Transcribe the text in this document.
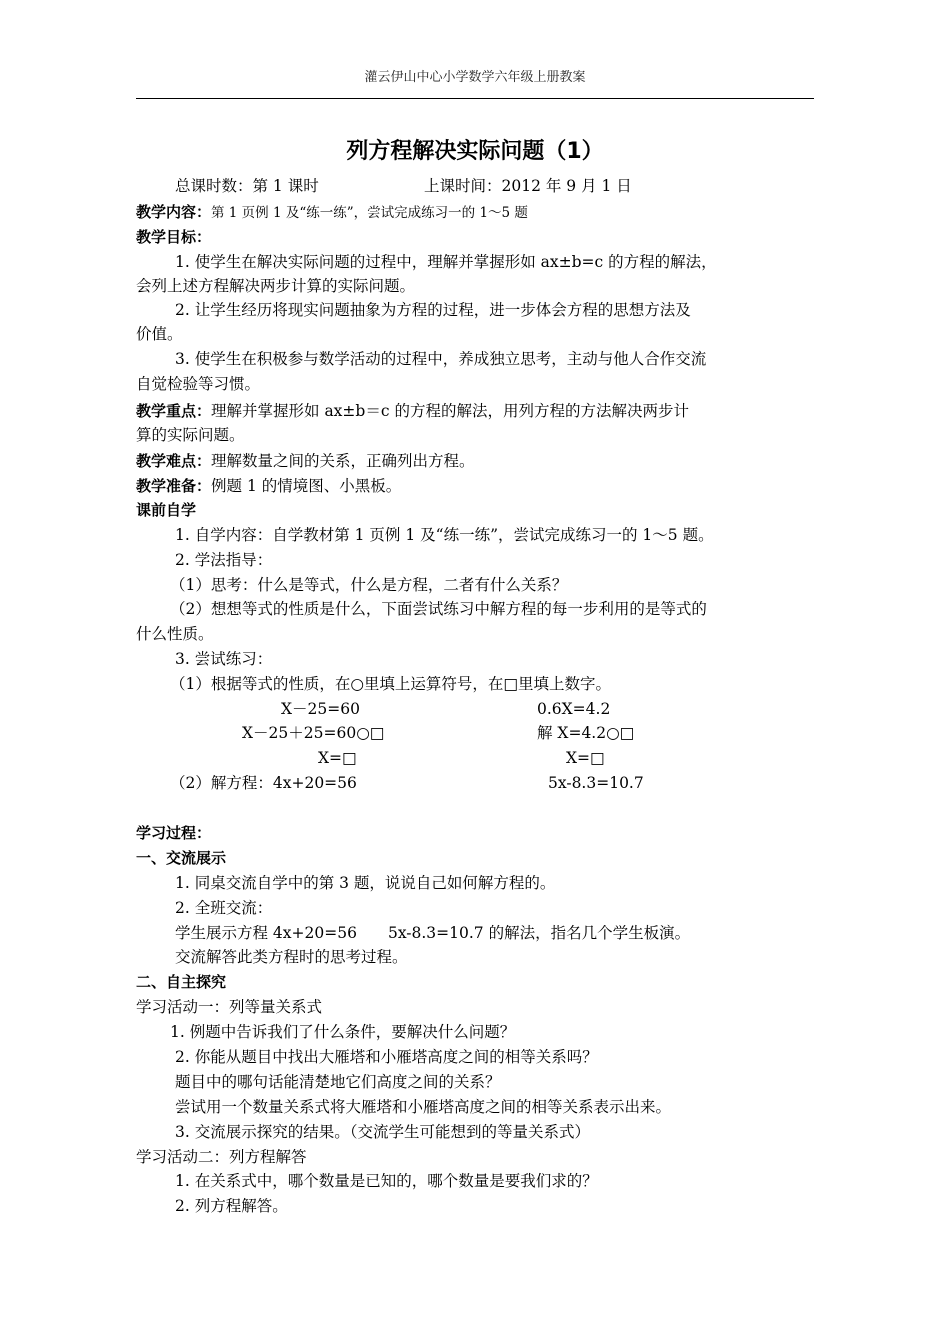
灌云伊山中心小学数学六年级上册教案
列方程解决实际问题（1）
总课时数：第 1 课时	上课时间：2012 年 9 月 1 日
教学内容：第 1 页例 1 及“练一练”，尝试完成练习一的 1～5 题
教学目标：
1. 使学生在解决实际问题的过程中，理解并掌握形如 ax±b=c 的方程的解法，
会列上述方程解决两步计算的实际问题。
2. 让学生经历将现实问题抽象为方程的过程，进一步体会方程的思想方法及
价值。
3. 使学生在积极参与数学活动的过程中，养成独立思考，主动与他人合作交流
自觉检验等习惯。
教学重点：理解并掌握形如 ax±b＝c 的方程的解法，用列方程的方法解决两步计
算的实际问题。
教学难点：理解数量之间的关系，正确列出方程。
教学准备：例题 1 的情境图、小黑板。
课前自学
1. 自学内容：自学教材第 1 页例 1 及“练一练”，尝试完成练习一的 1～5 题。
2. 学法指导：
（1）思考：什么是等式，什么是方程，二者有什么关系？
（2）想想等式的性质是什么，下面尝试练习中解方程的每一步利用的是等式的
什么性质。
3. 尝试练习：
（1）根据等式的性质，在○里填上运算符号，在□里填上数字。
X－25=60
X－25＋25=60○□
X=□
0.6X=4.2
解 X=4.2○□
X=□
（2）解方程：4x+20=56	5x-8.3=10.7
学习过程：
一、交流展示
1. 同桌交流自学中的第 3 题，说说自己如何解方程的。
2. 全班交流：
学生展示方程 4x+20=56　　5x-8.3=10.7 的解法，指名几个学生板演。
交流解答此类方程时的思考过程。
二、自主探究
学习活动一：列等量关系式
1. 例题中告诉我们了什么条件，要解决什么问题？
2. 你能从题目中找出大雁塔和小雁塔高度之间的相等关系吗？
题目中的哪句话能清楚地它们高度之间的关系？
尝试用一个数量关系式将大雁塔和小雁塔高度之间的相等关系表示出来。
3. 交流展示探究的结果。（交流学生可能想到的等量关系式）
学习活动二：列方程解答
1. 在关系式中，哪个数量是已知的，哪个数量是要我们求的？
2. 列方程解答。
